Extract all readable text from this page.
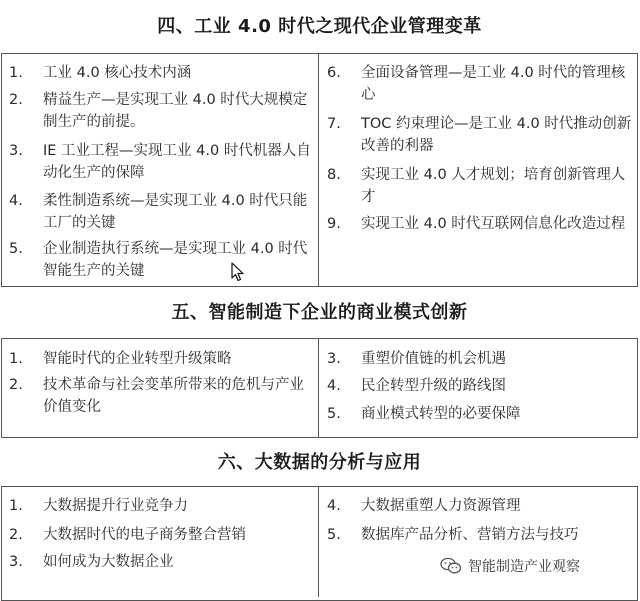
四、工业 4.0 时代之现代企业管理变革
1.	工业 4.0 核心技术内涵
2.	精益生产—是实现工业 4.0 时代大规模定制生产的前提。
3.	IE 工业工程—实现工业 4.0 时代机器人自动化生产的保障
4.	柔性制造系统—是实现工业 4.0 时代只能工厂的关键
5.	企业制造执行系统—是实现工业 4.0 时代智能生产的关键
6.	全面设备管理—是工业 4.0 时代的管理核心
7.	TOC 约束理论—是工业 4.0 时代推动创新改善的利器
8.	实现工业 4.0 人才规划；培育创新管理人才
9.	实现工业 4.0 时代互联网信息化改造过程
五、智能制造下企业的商业模式创新
1.	智能时代的企业转型升级策略
2.	技术革命与社会变革所带来的危机与产业价值变化
3.	重塑价值链的机会机遇
4.	民企转型升级的路线图
5.	商业模式转型的必要保障
六、大数据的分析与应用
1.	大数据提升行业竞争力
2.	大数据时代的电子商务整合营销
3.	如何成为大数据企业
4.	大数据重塑人力资源管理
5.	数据库产品分析、营销方法与技巧
智能制造产业观察
